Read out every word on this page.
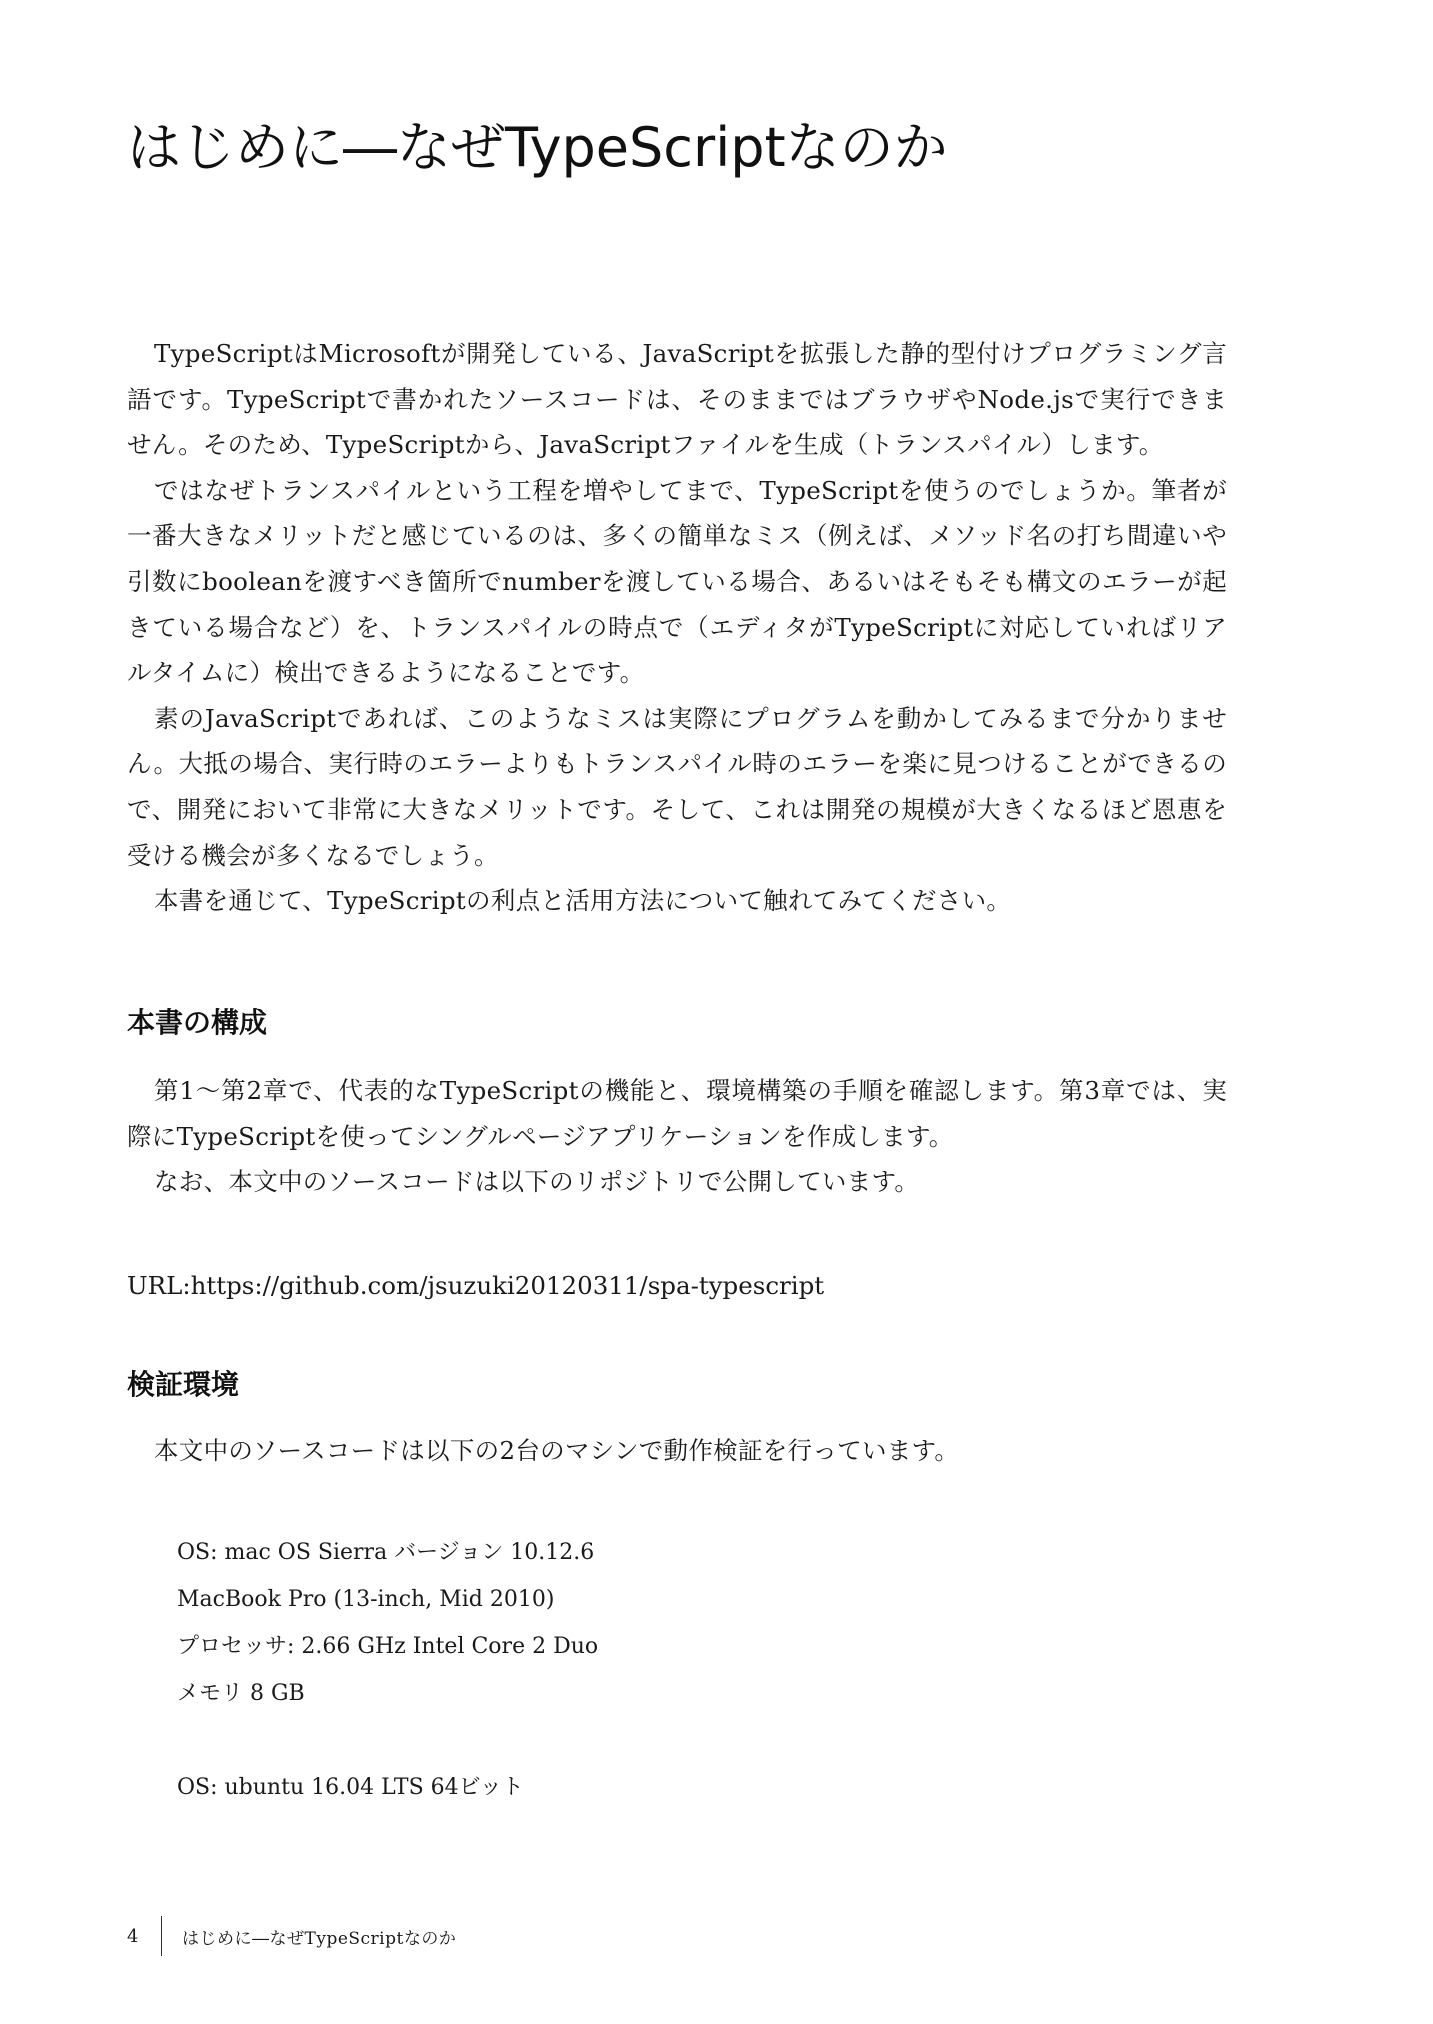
はじめに―なぜTypeScriptなのか

TypeScriptはMicrosoftが開発している、JavaScriptを拡張した静的型付けプログラミング言語です。TypeScriptで書かれたソースコードは、そのままではブラウザやNode.jsで実行できません。そのため、TypeScriptから、JavaScriptファイルを生成（トランスパイル）します。

ではなぜトランスパイルという工程を増やしてまで、TypeScriptを使うのでしょうか。筆者が一番大きなメリットだと感じているのは、多くの簡単なミス（例えば、メソッド名の打ち間違いや引数にbooleanを渡すべき箇所でnumberを渡している場合、あるいはそもそも構文のエラーが起きている場合など）を、トランスパイルの時点で（エディタがTypeScriptに対応していればリアルタイムに）検出できるようになることです。

素のJavaScriptであれば、このようなミスは実際にプログラムを動かしてみるまで分かりません。大抵の場合、実行時のエラーよりもトランスパイル時のエラーを楽に見つけることができるので、開発において非常に大きなメリットです。そして、これは開発の規模が大きくなるほど恩恵を受ける機会が多くなるでしょう。

本書を通じて、TypeScriptの利点と活用方法について触れてみてください。

本書の構成

第1～第2章で、代表的なTypeScriptの機能と、環境構築の手順を確認します。第3章では、実際にTypeScriptを使ってシングルページアプリケーションを作成します。

なお、本文中のソースコードは以下のリポジトリで公開しています。

URL:https://github.com/jsuzuki20120311/spa-typescript

検証環境

本文中のソースコードは以下の2台のマシンで動作検証を行っています。

OS: mac OS Sierra バージョン 10.12.6

MacBook Pro (13-inch, Mid 2010)

プロセッサ: 2.66 GHz Intel Core 2 Duo

メモリ 8 GB

OS: ubuntu 16.04 LTS 64ビット

4	はじめに―なぜTypeScriptなのか
